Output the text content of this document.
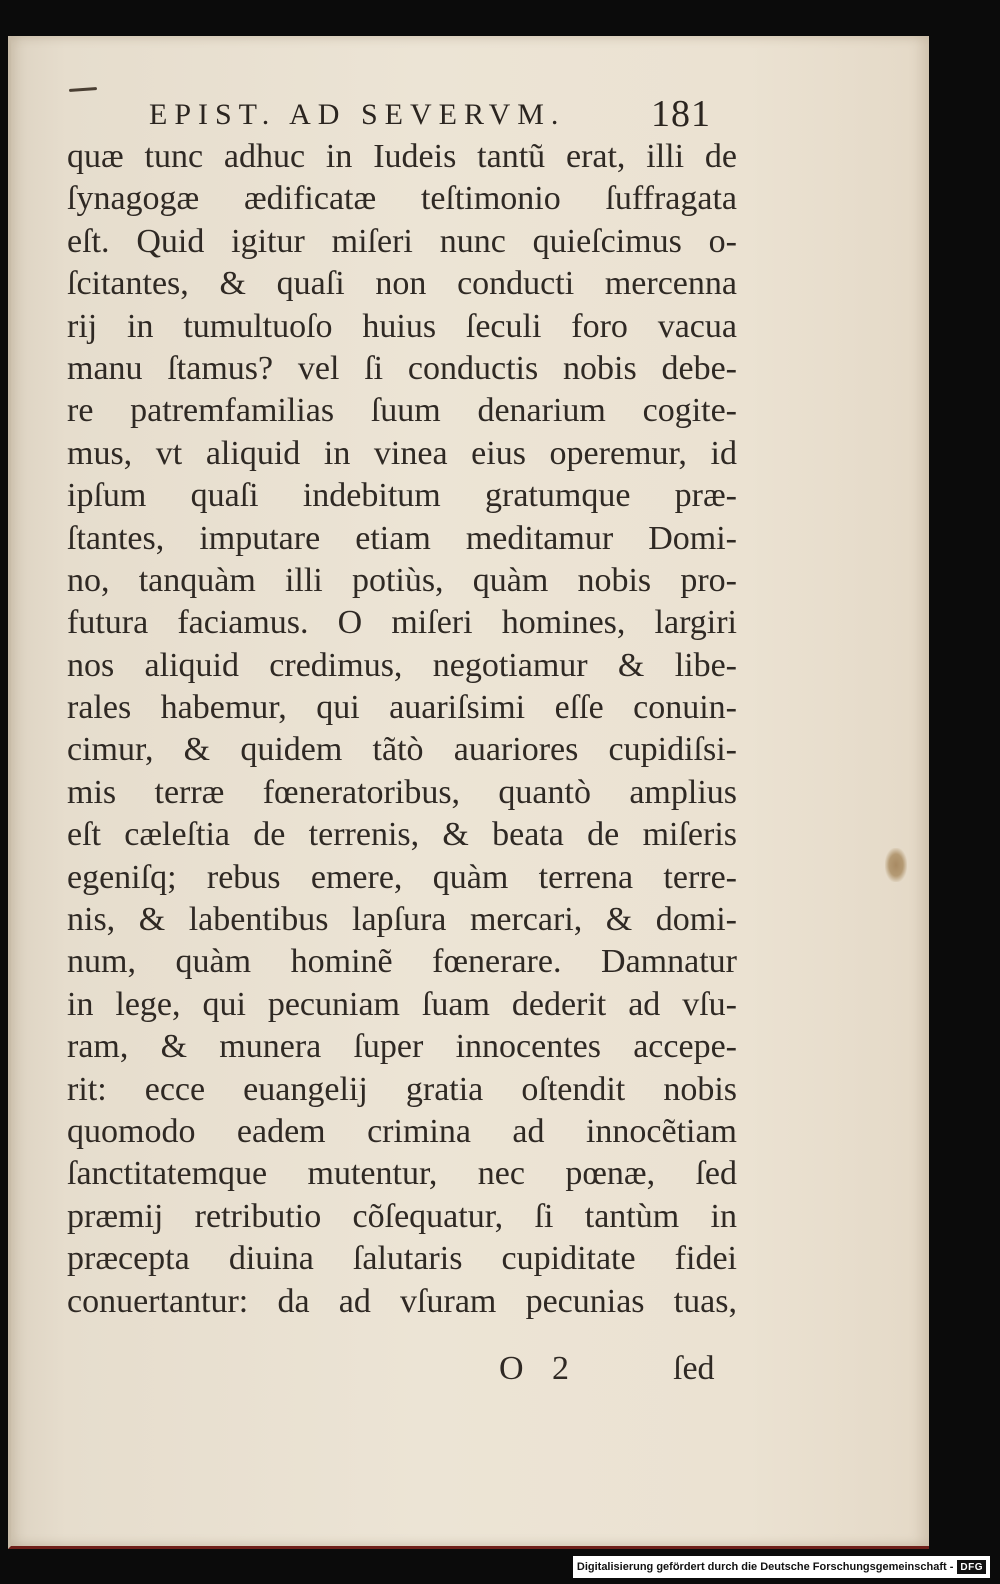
EPIST. AD SEVERVM. 181
quæ tunc adhuc in Iudeis tantũ erat, illi de
ſynagogæ ædificatæ teſtimonio ſuffragata
eſt. Quid igitur miſeri nunc quieſcimus o-
ſcitantes, & quaſi non conducti mercenna
rij in tumultuoſo huius ſeculi foro vacua
manu ſtamus? vel ſi conductis nobis debe-
re patremfamilias ſuum denarium cogite-
mus, vt aliquid in vinea eius operemur, id
ipſum quaſi indebitum gratumque præ-
ſtantes, imputare etiam meditamur Domi-
no, tanquàm illi potiùs, quàm nobis pro-
futura faciamus. O miſeri homines, largiri
nos aliquid credimus, negotiamur & libe-
rales habemur, qui auariſsimi eſſe conuin-
cimur, & quidem tãtò auariores cupidiſsi-
mis terræ fœneratoribus, quantò amplius
eſt cæleſtia de terrenis, & beata de miſeris
egeniſq; rebus emere, quàm terrena terre-
nis, & labentibus lapſura mercari, & domi-
num, quàm hominẽ fœnerare. Damnatur
in lege, qui pecuniam ſuam dederit ad vſu-
ram, & munera ſuper innocentes accepe-
rit: ecce euangelij gratia oſtendit nobis
quomodo eadem crimina ad innocẽtiam
ſanctitatemque mutentur, nec pœnæ, ſed
præmij retributio cõſequatur, ſi tantùm in
præcepta diuina ſalutaris cupiditate fidei
conuertantur: da ad vſuram pecunias tuas,
O 2	ſed
Digitalisierung gefördert durch die Deutsche Forschungsgemeinschaft - DFG
